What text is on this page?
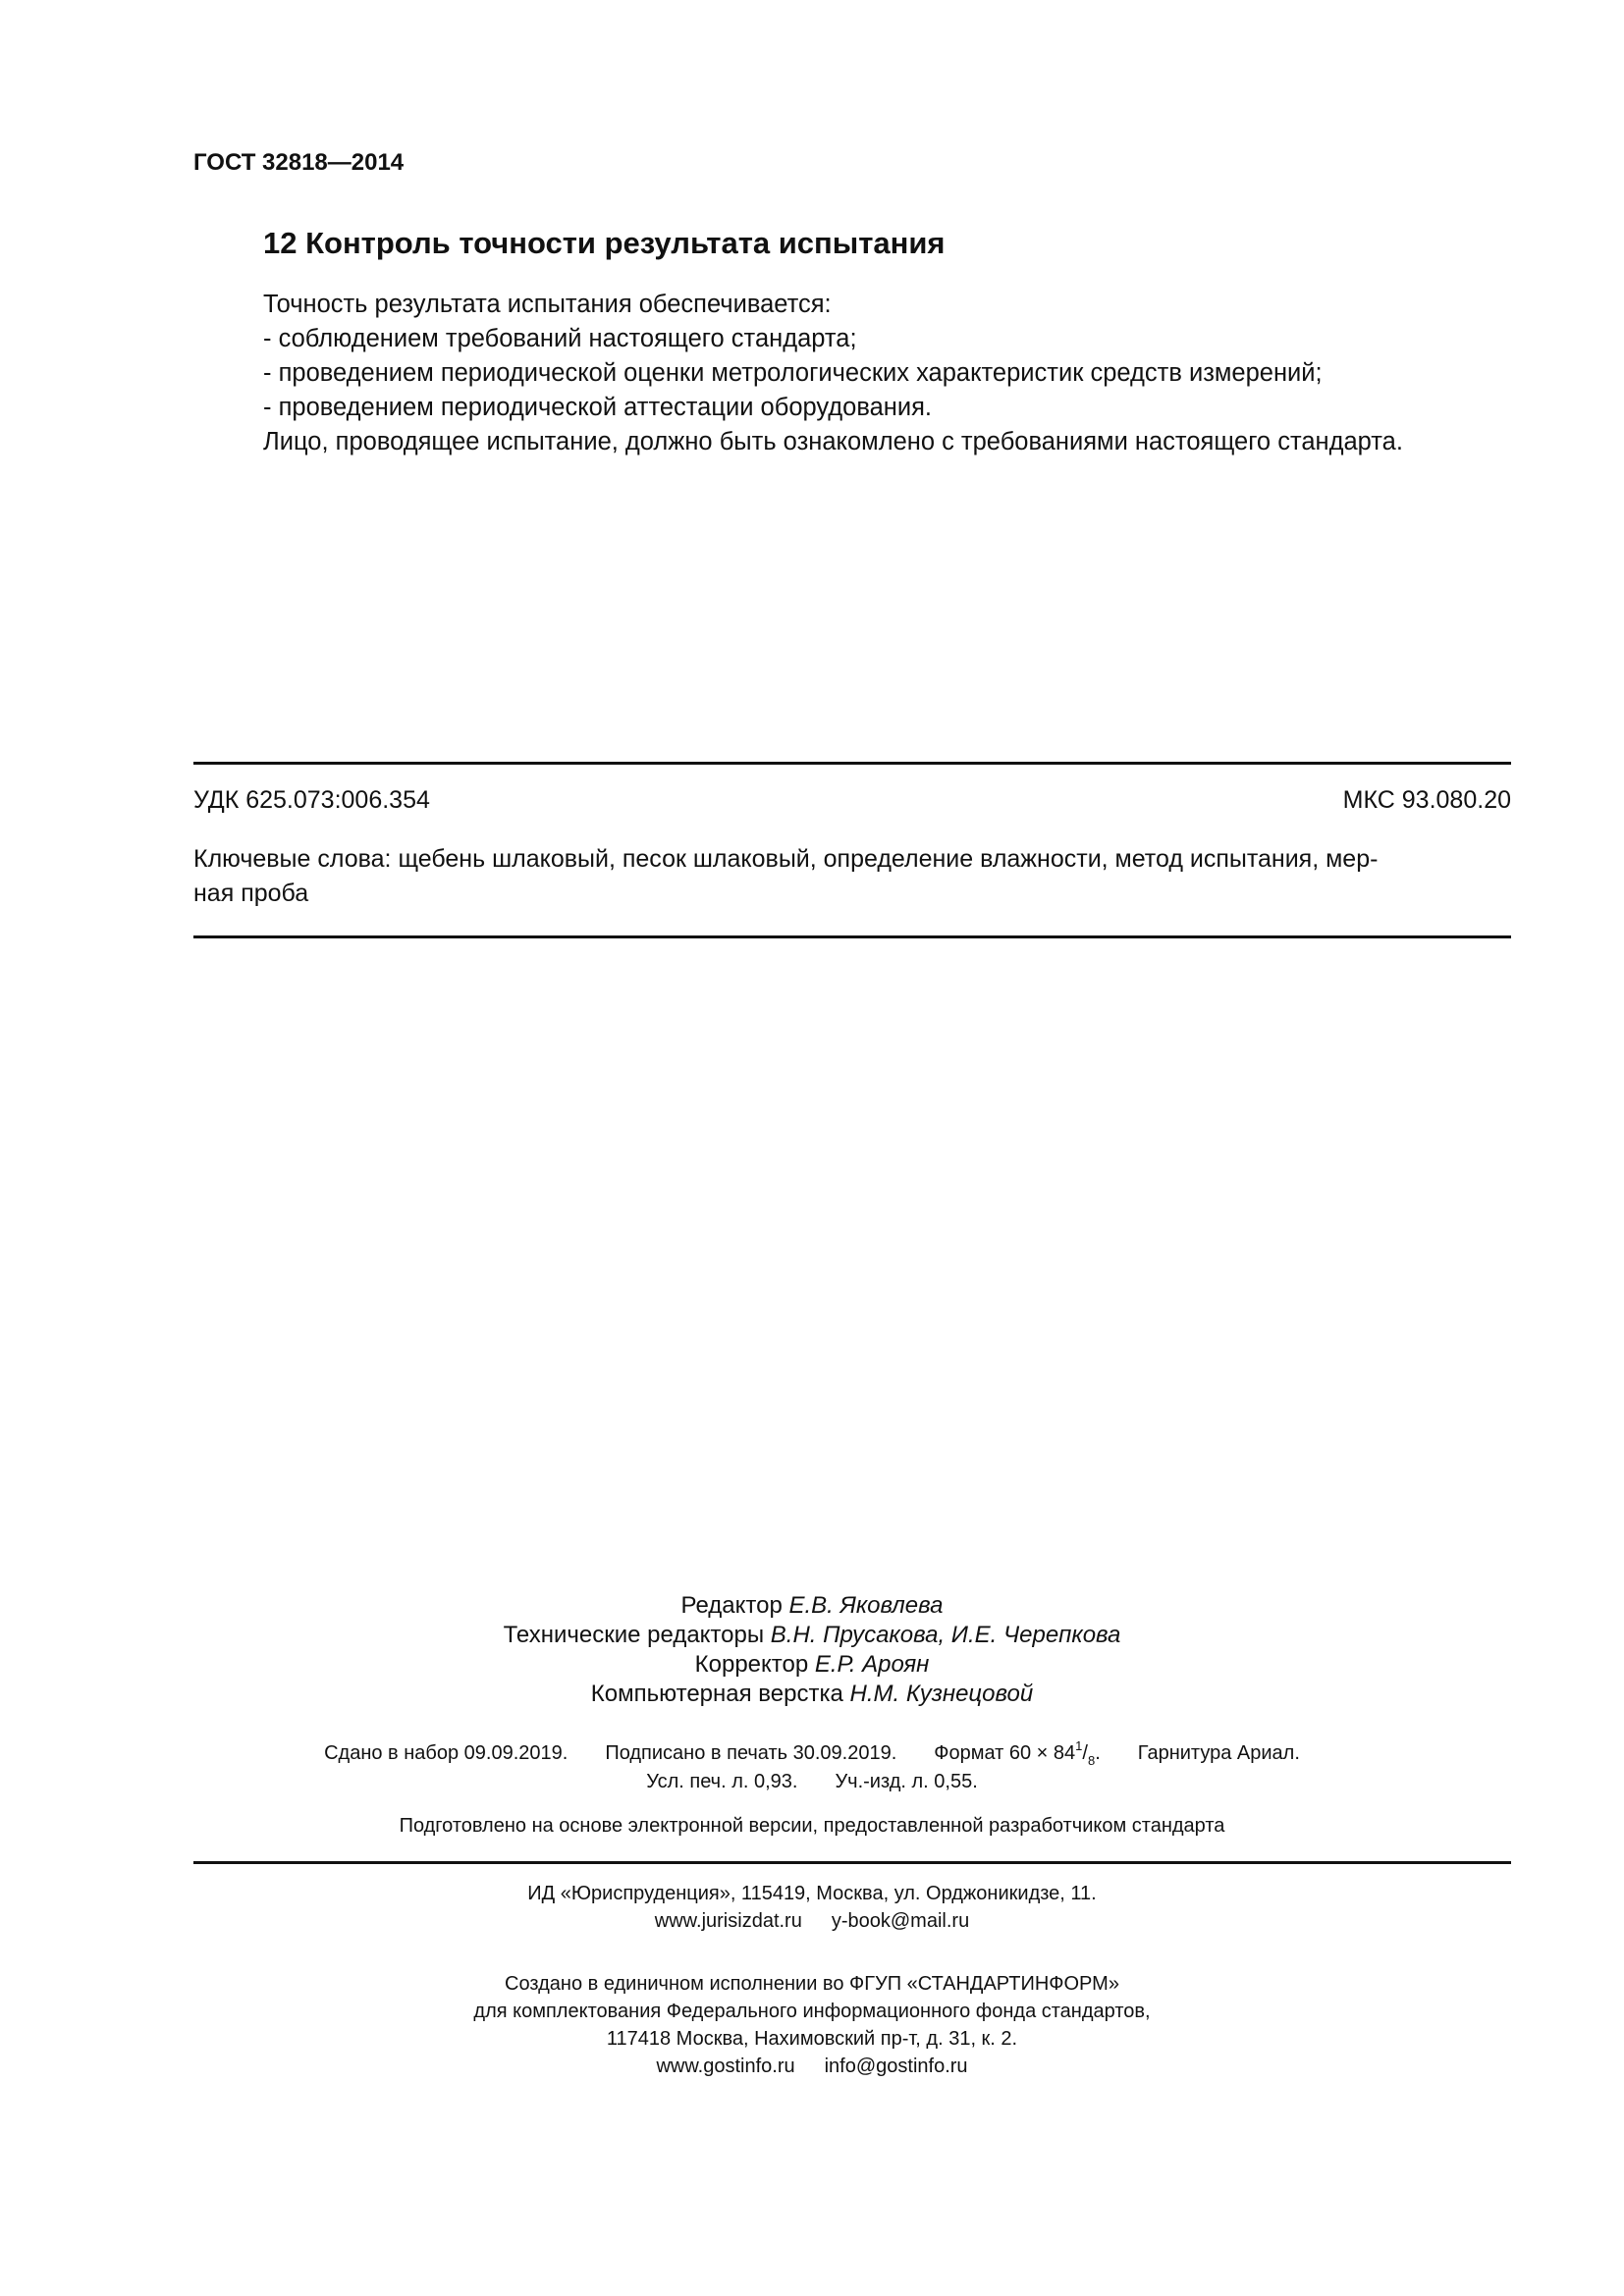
ГОСТ 32818—2014
12 Контроль точности результата испытания
Точность результата испытания обеспечивается:
- соблюдением требований настоящего стандарта;
- проведением периодической оценки метрологических характеристик средств измерений;
- проведением периодической аттестации оборудования.
Лицо, проводящее испытание, должно быть ознакомлено с требованиями настоящего стандарта.
УДК 625.073:006.354	МКС 93.080.20
Ключевые слова: щебень шлаковый, песок шлаковый, определение влажности, метод испытания, мер-
ная проба
Редактор Е.В. Яковлева
Технические редакторы В.Н. Прусакова, И.Е. Черепкова
Корректор Е.Р. Ароян
Компьютерная верстка Н.М. Кузнецовой
Сдано в набор 09.09.2019. Подписано в печать 30.09.2019. Формат $60 \times 84^1/_8$. Гарнитура Ариал.
Усл. печ. л. 0,93. Уч.-изд. л. 0,55.
Подготовлено на основе электронной версии, предоставленной разработчиком стандарта
ИД «Юриспруденция», 115419, Москва, ул. Орджоникидзе, 11.
www.jurisizdat.ru y-book@mail.ru
Создано в единичном исполнении во ФГУП «СТАНДАРТИНФОРМ»
для комплектования Федерального информационного фонда стандартов,
117418 Москва, Нахимовский пр-т, д. 31, к. 2.
www.gostinfo.ru info@gostinfo.ru
